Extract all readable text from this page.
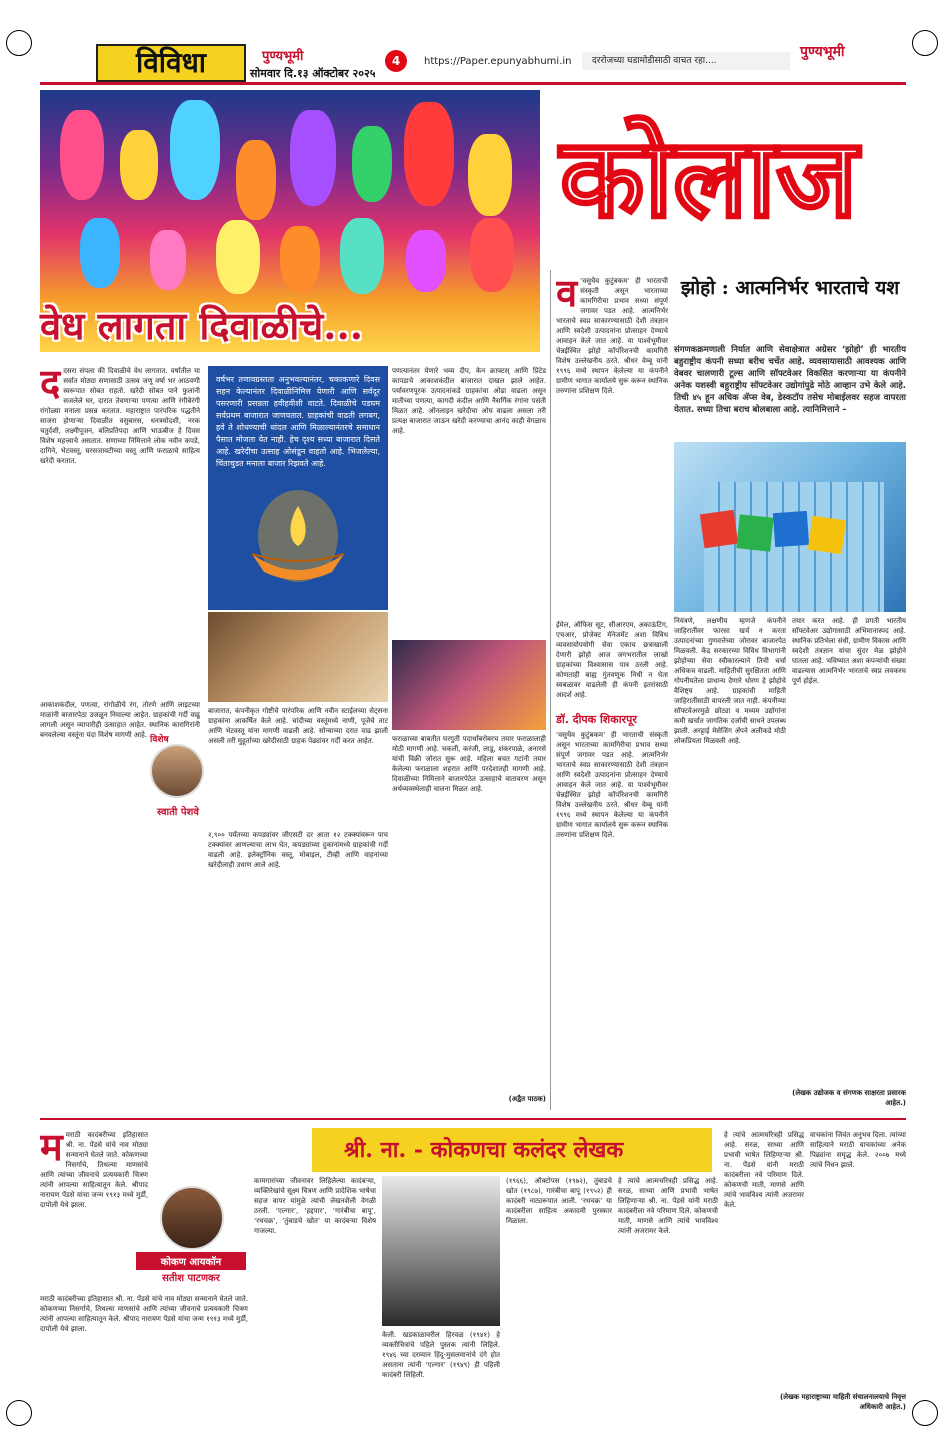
विविधा	पुण्यभूमी
सोमवार दि.१३ ऑक्टोबर २०२५
4	https://Paper.epunyabhumi.in	दररोजच्या घडामोडीसाठी वाचत रहा....
पुण्यभूमी
वेध लागता दिवाळीचे...
कोलाज
ददसरा संपला की दिवाळीचे वेध लागतात. वर्षातील या सर्वात मोठ्या सणासाठी उत्सव जणू वर्षा भर आठवणी स्वरूपात सोबत राहतो. खरेदी सोबत पाने फुलांनी सजलेले घर, दारात तेवणाऱ्या पणत्या आणि रंगीबेरंगी रांगोळ्या मनाला प्रसन्न करतात. महाराष्ट्रात पारंपरिक पद्धतीने साजरा होणाऱ्या दिवाळीत वसुबारस, धनत्रयोदशी, नरक चतुर्दशी, लक्ष्मीपूजन, बलिप्रतिपदा आणि भाऊबीज हे दिवस विशेष महत्त्वाचे असतात. सणाच्या निमित्ताने लोक नवीन कपडे, दागिने, भेटवस्तू, घरसजावटीच्या वस्तू आणि फराळाचे साहित्य खरेदी करतात.
आकाशकंदील, पणत्या, रांगोळीचे रंग, तोरणे आणि लाइटच्या माळांनी बाजारपेठा उजळून निघाल्या आहेत. ग्राहकांची गर्दी वाढू लागली असून व्यापारीही उत्साहात आहेत. स्थानिक कारागिरांनी बनवलेल्या वस्तूंना यंदा विशेष मागणी आहे.
वर्षभर तणावग्रस्तता अनुभवल्यानंतर, चकाकणारे दिवस सहन केल्यानंतर दिवाळीनिमित्त येणारी आणि सर्वदूर पसरणारी प्रसन्नता हवीहवीशी वाटते. दिवाळीचे पडघम सर्वप्रथम बाजारात जाणवतात. ग्राहकांची वाढती लगबग, हवे ते शोधण्याची धांदल आणि मिळाल्यानंतरचे समाधान पैसात मोजता येत नाही. हेच दृश्य सध्या बाजारात दिसते आहे. खरेदीचा उत्साह ओसंडून वाहतो आहे. भिजलेल्या, चिंताचुडत मनाला बाजार रिझवते आहे.
बाजारात, कंपनीकृत गोष्टीचे पारंपरिक आणि नवीन स्टाईलच्या सेट्सना ग्राहकांना आकर्षित केले आहे. चांदीच्या वस्तूंमध्ये नाणी, पूजेचे ताट आणि भेटवस्तू यांना मागणी वाढली आहे. सोन्याच्या दरात वाढ झाली असली तरी मुहूर्ताच्या खरेदीसाठी ग्राहक पेढ्यांवर गर्दी करत आहेत.
विशेष
स्वाती पेशवे
२,९०० पर्यंतच्या कपड्यांवर जीएसटी दर आता १२ टक्क्यांवरून पाच टक्क्यांवर आणल्याचा लाभ घेत, कपड्यांच्या दुकानांमध्ये ग्राहकांची गर्दी वाढली आहे. इलेक्ट्रॉनिक वस्तू, मोबाइल, टीव्ही आणि वाहनांच्या खरेदीलाही उधाण आले आहे.
पणत्यानंतर येणारे भव्य दीप, केन क्राफ्टस्‌ आणि प्रिंटेड कापडाचे आकाशकंदील बाजारात दाखल झाले आहेत. पर्यावरणपूरक उत्पादनांकडे ग्राहकांचा ओढा वाढला असून मातीच्या पणत्या, कागदी कंदील आणि नैसर्गिक रंगांना पसंती मिळत आहे. ऑनलाइन खरेदीचा ओघ वाढला असला तरी प्रत्यक्ष बाजारात जाऊन खरेदी करण्याचा आनंद काही वेगळाच आहे.
फराळाच्या बाबतीत घरगुती पदार्थांबरोबरच तयार फराळालाही मोठी मागणी आहे. चकली, करंजी, लाडू, शंकरपाळे, अनारसे यांची विक्री जोरात सुरू आहे. महिला बचत गटांनी तयार केलेल्या फराळाला शहरात आणि परदेशातही मागणी आहे. दिवाळीच्या निमित्ताने बाजारपेठेत उत्साहाचे वातावरण असून अर्थव्यवस्थेलाही चालना मिळत आहे.
(अद्वैत पाठक)
झोहो : आत्मनिर्भर भारताचे यश
संगणकक्रमणाली निर्यात आणि सेवाक्षेत्रात अग्रेसर ‘झोहो’ ही भारतीय बहुराष्ट्रीय कंपनी सध्या बरीच चर्चेत आहे. व्यवसायासाठी आवश्यक आणि वेबवर चालणारी टूल्स आणि सॉफ्टवेअर विकसित करणाऱ्या या कंपनीने अनेक यशस्वी बहुराष्ट्रीय सॉफ्टवेअर उद्योगांपुढे मोठे आव्हान उभे केले आहे. तिची ४५ हून अधिक ॲप्स वेब, डेस्कटॉप तसेच मोबाईलवर सहज वापरता येतात. सध्या तिचा बराच बोलबाला आहे. त्यानिमित्ताने –
व ‘वसुधैव कुटुंबकम’ ही भारताची संस्कृती असून भारताच्या कामगिरीचा प्रभाव सध्या संपूर्ण जगावर पडत आहे. आत्मनिर्भर भारताचे स्वप्न साकारण्यासाठी देशी तंत्रज्ञान आणि स्वदेशी उत्पादनांना प्रोत्साहन देण्याचे आवाहन केले जात आहे. या पार्श्वभूमीवर चेन्नईस्थित झोहो कॉर्पोरेशनची कामगिरी विशेष उल्लेखनीय ठरते. श्रीधर वेम्बू यांनी १९९६ मध्ये स्थापन केलेल्या या कंपनीने ग्रामीण भागात कार्यालये सुरू करून स्थानिक तरुणांना प्रशिक्षण दिले.
ईमेल, ऑफिस सूट, सीआरएम, अकाऊंटिंग, एचआर, प्रोजेक्ट मॅनेजमेंट अशा विविध व्यवसायोपयोगी सेवा एकाच छत्राखाली देणारी झोहो आज जगभरातील लाखो ग्राहकांच्या विश्वासास पात्र ठरली आहे. कोणताही बाह्य गुंतवणूक निधी न घेता स्वबळावर वाढलेली ही कंपनी इतरांसाठी आदर्श आहे.
डॉ. दीपक शिकारपूर
‘वसुधैव कुटुंबकम’ ही भारताची संस्कृती असून भारताच्या कामगिरीचा प्रभाव सध्या संपूर्ण जगावर पडत आहे. आत्मनिर्भर भारताचे स्वप्न साकारण्यासाठी देशी तंत्रज्ञान आणि स्वदेशी उत्पादनांना प्रोत्साहन देण्याचे आवाहन केले जात आहे. या पार्श्वभूमीवर चेन्नईस्थित झोहो कॉर्पोरेशनची कामगिरी विशेष उल्लेखनीय ठरते. श्रीधर वेम्बू यांनी १९९६ मध्ये स्थापन केलेल्या या कंपनीने ग्रामीण भागात कार्यालये सुरू करून स्थानिक तरुणांना प्रशिक्षण दिले.
नियंत्रणे, लक्षणीय म्हणजे कंपनीने जाहिरातींवर फारसा खर्च न करता उत्पादनांच्या गुणवत्तेच्या जोरावर बाजारपेठ मिळवली. केंद्र सरकारच्या विविध विभागांनी झोहोच्या सेवा स्वीकारल्याने तिची चर्चा अधिकच वाढली. माहितीची सुरक्षितता आणि गोपनीयतेला प्राधान्य देणारे धोरण हे झोहोचे वैशिष्ट्य आहे. ग्राहकांची माहिती जाहिरातींसाठी वापरली जात नाही. कंपनीच्या सॉफ्टवेअरमुळे छोट्या व मध्यम उद्योगांना कमी खर्चात जागतिक दर्जाची साधने उपलब्ध झाली. अरट्टाई मेसेजिंग ॲपने अलीकडे मोठी लोकप्रियता मिळवली आहे.
तयार करत आहे. ही प्रगती भारतीय सॉफ्टवेअर उद्योगासाठी अभिमानास्पद आहे. स्थानिक प्रतिभेला संधी, ग्रामीण विकास आणि स्वदेशी तंत्रज्ञान यांचा सुंदर मेळ झोहोने घातला आहे. भविष्यात अशा कंपन्यांची संख्या वाढल्यास आत्मनिर्भर भारताचे स्वप्न लवकरच पूर्ण होईल.
(लेखक उद्योजक व संगणक साक्षरता प्रसारक आहेत.)
श्री. ना. - कोकणचा कलंदर लेखक
ममराठी कादंबरीच्या इतिहासात श्री. ना. पेंडसे यांचे नाव मोठ्या सन्मानाने घेतले जाते. कोकणच्या निसर्गाचे, तिथल्या माणसांचे आणि त्यांच्या जीवनाचे प्रत्ययकारी चित्रण त्यांनी आपल्या साहित्यातून केले. श्रीपाद नारायण पेंडसे यांचा जन्म १९१३ मध्ये मुर्डी, दापोली येथे झाला.
कोकण आयकॉन
सतीश पाटणकर
मराठी कादंबरीच्या इतिहासात श्री. ना. पेंडसे यांचे नाव मोठ्या सन्मानाने घेतले जाते. कोकणच्या निसर्गाचे, तिथल्या माणसांचे आणि त्यांच्या जीवनाचे प्रत्ययकारी चित्रण त्यांनी आपल्या साहित्यातून केले. श्रीपाद नारायण पेंडसे यांचा जन्म १९१३ मध्ये मुर्डी, दापोली येथे झाला.
कामगारांच्या जीवनावर लिहिलेल्या कादंबऱ्या, व्यक्तिरेखांचे सूक्ष्म चित्रण आणि प्रादेशिक भाषेचा सहज वापर यांमुळे त्यांची लेखनशैली वेगळी ठरली. ‘एल्गार’, ‘हद्दपार’, ‘गारंबीचा बापू’, ‘रथचक्र’, ‘तुंबाडचे खोत’ या कादंबऱ्या विशेष गाजल्या.
केली. खडकाळावरील हिरवळ (१९४१) हे व्यक्तीचित्रांचे पहिले पुस्तक त्यांनी लिहिले. १९४६ च्या दरम्यान हिंदू-मुसलमानांचे दंगे होत असताना त्यांनी ‘एल्गार’ (१९४९) ही पहिली कादंबरी लिहिली.
(१९६६), ऑक्टोपस (१९७२), तुंबाडचे खोत (१९८७), गारंबीचा बापू (१९५२) ही कादंबरी नाट्यरूपात आली. ‘रथचक्र’ या कादंबरीला साहित्य अकादमी पुरस्कार मिळाला.
हे त्यांचे आत्मचरित्रही प्रसिद्ध आहे. सरळ, साध्या आणि प्रभावी भाषेत लिहिणाऱ्या श्री. ना. पेंडसे यांनी मराठी कादंबरीला नवे परिमाण दिले. कोकणची माती, माणसे आणि त्यांचे भावविश्व त्यांनी अजरामर केले.
हे त्यांचे आत्मचरित्रही प्रसिद्ध आहे. सरळ, साध्या आणि प्रभावी भाषेत लिहिणाऱ्या श्री. ना. पेंडसे यांनी मराठी कादंबरीला नवे परिमाण दिले. कोकणची माती, माणसे आणि त्यांचे भावविश्व त्यांनी अजरामर केले.
वाचकांना जिवंत अनुभव दिला. त्यांच्या साहित्याने मराठी वाचकांच्या अनेक पिढ्यांना समृद्ध केले. २००७ मध्ये त्यांचे निधन झाले.
(लेखक महाराष्ट्राच्या माहिती संचालनालयाचे निवृत्त अधिकारी आहेत.)
